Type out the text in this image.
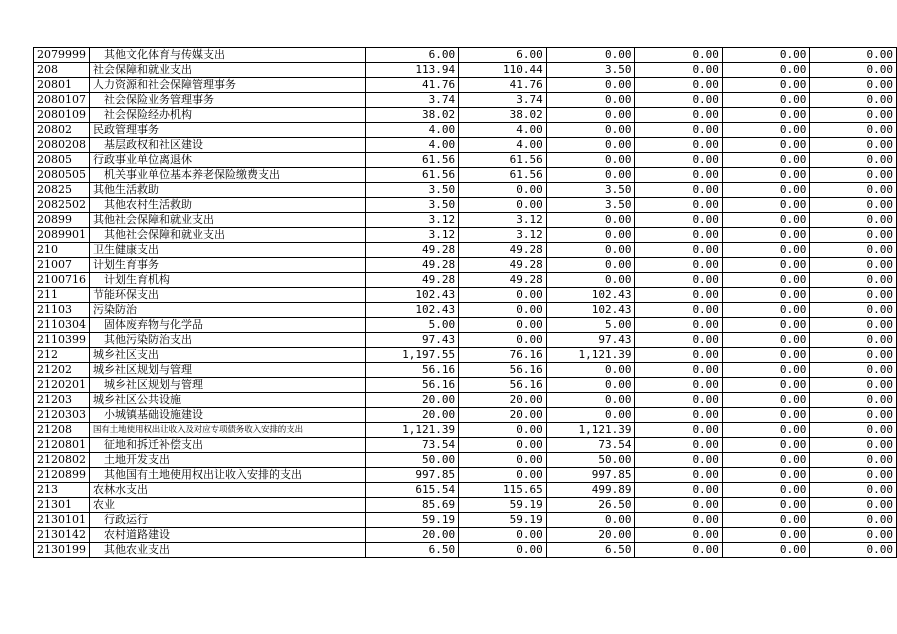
2079999	其他文化体育与传媒支出	6.00	6.00	0.00	0.00	0.00	0.00
208	社会保障和就业支出	113.94	110.44	3.50	0.00	0.00	0.00
20801	人力资源和社会保障管理事务	41.76	41.76	0.00	0.00	0.00	0.00
2080107	社会保险业务管理事务	3.74	3.74	0.00	0.00	0.00	0.00
2080109	社会保险经办机构	38.02	38.02	0.00	0.00	0.00	0.00
20802	民政管理事务	4.00	4.00	0.00	0.00	0.00	0.00
2080208	基层政权和社区建设	4.00	4.00	0.00	0.00	0.00	0.00
20805	行政事业单位离退休	61.56	61.56	0.00	0.00	0.00	0.00
2080505	机关事业单位基本养老保险缴费支出	61.56	61.56	0.00	0.00	0.00	0.00
20825	其他生活救助	3.50	0.00	3.50	0.00	0.00	0.00
2082502	其他农村生活救助	3.50	0.00	3.50	0.00	0.00	0.00
20899	其他社会保障和就业支出	3.12	3.12	0.00	0.00	0.00	0.00
2089901	其他社会保障和就业支出	3.12	3.12	0.00	0.00	0.00	0.00
210	卫生健康支出	49.28	49.28	0.00	0.00	0.00	0.00
21007	计划生育事务	49.28	49.28	0.00	0.00	0.00	0.00
2100716	计划生育机构	49.28	49.28	0.00	0.00	0.00	0.00
211	节能环保支出	102.43	0.00	102.43	0.00	0.00	0.00
21103	污染防治	102.43	0.00	102.43	0.00	0.00	0.00
2110304	固体废弃物与化学品	5.00	0.00	5.00	0.00	0.00	0.00
2110399	其他污染防治支出	97.43	0.00	97.43	0.00	0.00	0.00
212	城乡社区支出	1,197.55	76.16	1,121.39	0.00	0.00	0.00
21202	城乡社区规划与管理	56.16	56.16	0.00	0.00	0.00	0.00
2120201	城乡社区规划与管理	56.16	56.16	0.00	0.00	0.00	0.00
21203	城乡社区公共设施	20.00	20.00	0.00	0.00	0.00	0.00
2120303	小城镇基础设施建设	20.00	20.00	0.00	0.00	0.00	0.00
21208	国有土地使用权出让收入及对应专项债务收入安排的支出	1,121.39	0.00	1,121.39	0.00	0.00	0.00
2120801	征地和拆迁补偿支出	73.54	0.00	73.54	0.00	0.00	0.00
2120802	土地开发支出	50.00	0.00	50.00	0.00	0.00	0.00
2120899	其他国有土地使用权出让收入安排的支出	997.85	0.00	997.85	0.00	0.00	0.00
213	农林水支出	615.54	115.65	499.89	0.00	0.00	0.00
21301	农业	85.69	59.19	26.50	0.00	0.00	0.00
2130101	行政运行	59.19	59.19	0.00	0.00	0.00	0.00
2130142	农村道路建设	20.00	0.00	20.00	0.00	0.00	0.00
2130199	其他农业支出	6.50	0.00	6.50	0.00	0.00	0.00
